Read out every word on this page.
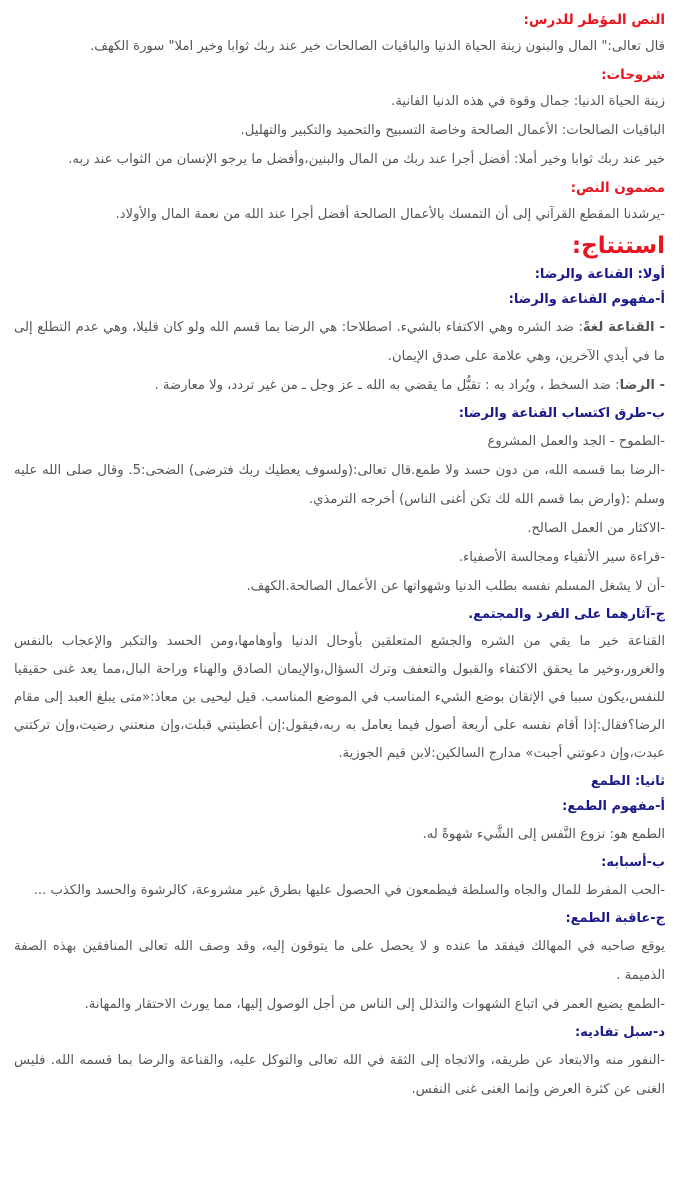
النص المؤطر للدرس:

قال تعالى:" المال والبنون زينة الحياة الدنيا والباقيات الصالحات خير عند ربك ثوابا وخير املا" سورة الكهف.

شروحات:

زينة الحياة الدنيا: جمال وقوة في هذه الدنيا الفانية.

الباقيات الصالحات: الأعمال الصالحة وخاصة التسبيح والتحميد والتكبير والتهليل.

خير عند ربك ثوابا وخير أملا: أفضل أجرا عند ربك من المال والبنين،وأفضل ما يرجو الإنسان من الثواب عند ربه.

مضمون النص:

-يرشدنا المقطع القرآني إلى أن التمسك بالأعمال الصالحة أفضل أجرا عند الله من نعمة المال والأولاد.

استنتاج:
أولا: القناعة والرضا:
أ-مفهوم القناعة والرضا:

- القناعة لغةً: ضد الشره وهي الاكتفاء بالشيء. اصطلاحا: هي الرضا بما قسم الله ولو كان قليلا، وهي عدم التطلع إلى ما في أيدي الآخرين، وهي علامة على صدق الإيمان.

- الرضا: ضد السخط ، ويُراد به : تقبُّل ما يقضي به الله ـ عز وجل ـ من غير تردد، ولا معارضة .

ب-طرق اكتساب القناعة والرضا:

-الطموح - الجد والعمل المشروع

-الرضا بما قسمه الله، من دون حسد ولا طمع.قال تعالى:(ولسوف يعطيك ربك فترضى) الضحى:5. وقال صلى الله عليه وسلم :(وارض بما قسم الله لك تكن أغنى الناس) أخرجه الترمذي.

-الاكثار من العمل الصالح.

-قراءة سير الأتقياء ومجالسة الأصفياء.

-أن لا يشغل المسلم نفسه بطلب الدنيا وشهواتها عن الأعمال الصالحة.الكهف.

ج-آثارهما على الفرد والمجتمع.

القناعة خير ما يقي من الشره والجشع المتعلقين بأوحال الدنيا وأوهامها،ومن الحسد والتكبر والإعجاب بالنفس والغرور،وخير ما يحقق الاكتفاء والقبول والتعفف وترك السؤال،والإيمان الصادق والهناء وراحة البال،مما يعد غنى حقيقيا للنفس،يكون سببا في الإتقان بوضع الشيء المناسب في الموضع المناسب. قيل ليحيى بن معاذ:«متى يبلغ العبد إلى مقام الرضا؟فقال:إذا أقام نفسه على أربعة أصول فيما يعامل به ربه،فيقول:إن أعطيتني قبلت،وإن منعتني رضيت،وإن تركتني عبدت،وإن دعوتني أجبت» مدارج السالكين:لابن قيم الجوزية.

ثانيا: الطمع
أ-مفهوم الطمع:

الطمع هو: نزوع النَّفس إلى الشَّيء شهوةً له.

ب-أسبابه:

-الحب المفرط للمال والجاه والسلطة فيطمعون في الحصول عليها بطرق غير مشروعة، كالرشوة والحسد والكذب ...

ج-عاقبة الطمع:

يوقع صاحبه في المهالك فيفقد ما عنده و لا يحصل على ما يتوقون إليه، وقد وصف الله تعالى المنافقين بهذه الصفة الذميمة .

-الطمع يضيع العمر في اتباع الشهوات والتذلل إلى الناس من أجل الوصول إليها، مما يورث الاحتقار والمهانة.

د-سبل تفاديه:

-النفور منه والابتعاد عن طريقه، والاتجاه إلى الثقة في الله تعالى والتوكل عليه، والقناعة والرضا بما قسمه الله. فليس الغنى عن كثرة العرض وإنما الغنى غنى النفس.
